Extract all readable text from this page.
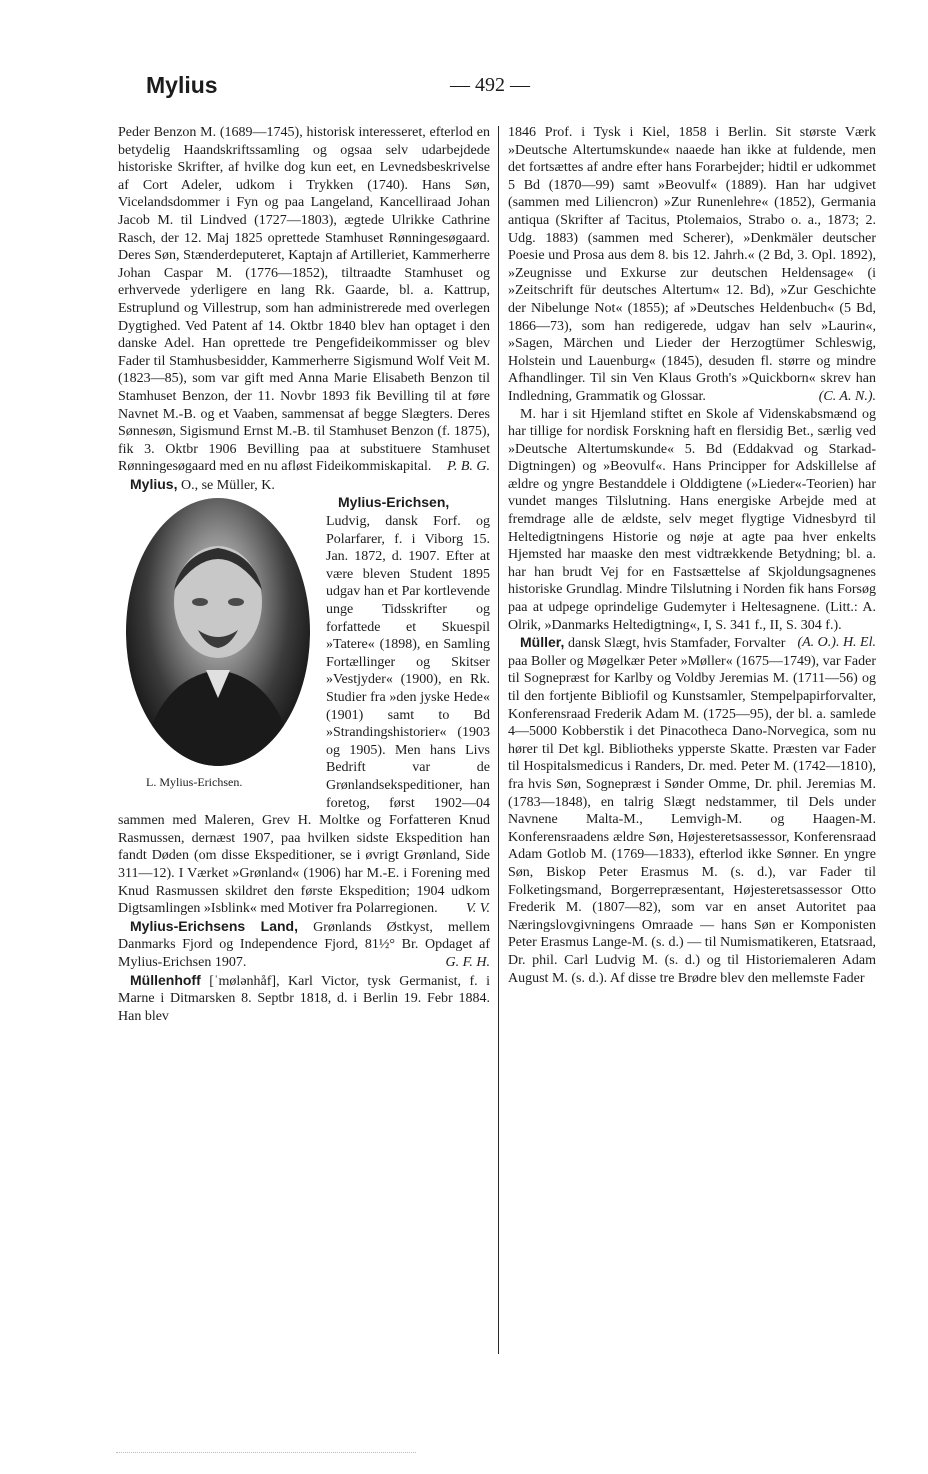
Mylius	— 492 —

Peder Benzon M. (1689—1745), historisk interesseret, efterlod en betydelig Haandskriftssamling og ogsaa selv udarbejdede historiske Skrifter, af hvilke dog kun eet, en Levnedsbeskrivelse af Cort Adeler, udkom i Trykken (1740). Hans Søn, Vicelandsdommer i Fyn og paa Langeland, Kancelliraad Johan Jacob M. til Lindved (1727—1803), ægtede Ulrikke Cathrine Rasch, der 12. Maj 1825 oprettede Stamhuset Rønningesøgaard. Deres Søn, Stænderdeputeret, Kaptajn af Artilleriet, Kammerherre Johan Caspar M. (1776—1852), tiltraadte Stamhuset og erhvervede yderligere en lang Rk. Gaarde, bl. a. Kattrup, Estruplund og Villestrup, som han administrerede med overlegen Dygtighed. Ved Patent af 14. Oktbr 1840 blev han optaget i den danske Adel. Han oprettede tre Pengefideikommisser og blev Fader til Stamhusbesidder, Kammerherre Sigismund Wolf Veit M. (1823—85), som var gift med Anna Marie Elisabeth Benzon til Stamhuset Benzon, der 11. Novbr 1893 fik Bevilling til at føre Navnet M.-B. og et Vaaben, sammensat af begge Slægters. Deres Sønnesøn, Sigismund Ernst M.-B. til Stamhuset Benzon (f. 1875), fik 3. Oktbr 1906 Bevilling paa at substituere Stamhuset Rønningesøgaard med en nu afløst Fideikommiskapital. P. B. G.

Mylius, O., se Müller, K.

Mylius-Erichsen,
L. Mylius-Erichsen.
Ludvig, dansk Forf. og Polarfarer, f. i Viborg 15. Jan. 1872, d. 1907. Efter at være bleven Student 1895 udgav han et Par kortlevende unge Tidsskrifter og forfattede et Skuespil »Tatere« (1898), en Samling Fortællinger og Skitser »Vestjyder« (1900), en Rk. Studier fra »den jyske Hede« (1901) samt to Bd »Strandingshistorier« (1903 og 1905). Men hans Livs Bedrift var de Grønlandsekspeditioner, han foretog, først 1902—04 sammen med Maleren, Grev H. Moltke og Forfatteren Knud Rasmussen, dernæst 1907, paa hvilken sidste Ekspedition han fandt Døden (om disse Ekspeditioner, se i øvrigt Grønland, Side 311—12). I Værket »Grønland« (1906) har M.-E. i Forening med Knud Rasmussen skildret den første Ekspedition; 1904 udkom Digtsamlingen »Isblink« med Motiver fra Polarregionen.	V. V.

Mylius-Erichsens Land, Grønlands Østkyst, mellem Danmarks Fjord og Independence Fjord, 81½° Br. Opdaget af Mylius-Erichsen 1907.	G. F. H.

Müllenhoff [ˈmølənhåf], Karl Victor, tysk Germanist, f. i Marne i Ditmarsken 8. Septbr 1818, d. i Berlin 19. Febr 1884. Han blev

1846 Prof. i Tysk i Kiel, 1858 i Berlin. Sit største Værk »Deutsche Altertumskunde« naaede han ikke at fuldende, men det fortsættes af andre efter hans Forarbejder; hidtil er udkommet 5 Bd (1870—99) samt »Beovulf« (1889). Han har udgivet (sammen med Liliencron) »Zur Runenlehre« (1852), Germania antiqua (Skrifter af Tacitus, Ptolemaios, Strabo o. a., 1873; 2. Udg. 1883) (sammen med Scherer), »Denkmäler deutscher Poesie und Prosa aus dem 8. bis 12. Jahrh.« (2 Bd, 3. Opl. 1892), »Zeugnisse und Exkurse zur deutschen Heldensage« (i »Zeitschrift für deutsches Altertum« 12. Bd), »Zur Geschichte der Nibelunge Not« (1855); af »Deutsches Heldenbuch« (5 Bd, 1866—73), som han redigerede, udgav han selv »Laurin«, »Sagen, Märchen und Lieder der Herzogtümer Schleswig, Holstein und Lauenburg« (1845), desuden fl. større og mindre Afhandlinger. Til sin Ven Klaus Groth's »Quickborn« skrev han Indledning, Grammatik og Glossar.	(C. A. N.).

M. har i sit Hjemland stiftet en Skole af Videnskabsmænd og har tillige for nordisk Forskning haft en flersidig Bet., særlig ved »Deutsche Altertumskunde« 5. Bd (Eddakvad og Starkad-Digtningen) og »Beovulf«. Hans Principper for Adskillelse af ældre og yngre Bestanddele i Olddigtene (»Lieder«-Teorien) har vundet manges Tilslutning. Hans energiske Arbejde med at fremdrage alle de ældste, selv meget flygtige Vidnesbyrd til Heltedigtningens Historie og nøje at agte paa hver enkelts Hjemsted har maaske den mest vidtrækkende Betydning; bl. a. har han brudt Vej for en Fastsættelse af Skjoldungsagnenes historiske Grundlag. Mindre Tilslutning i Norden fik hans Forsøg paa at udpege oprindelige Gudemyter i Heltesagnene. (Litt.: A. Olrik, »Danmarks Heltedigtning«, I, S. 341 f., II, S. 304 f.).
(A. O.). H. El.

Müller, dansk Slægt, hvis Stamfader, Forvalter paa Boller og Møgelkær Peter »Møller« (1675—1749), var Fader til Sognepræst for Karlby og Voldby Jeremias M. (1711—56) og til den fortjente Bibliofil og Kunstsamler, Stempelpapirforvalter, Konferensraad Frederik Adam M. (1725—95), der bl. a. samlede 4—5000 Kobberstik i det Pinacotheca Dano-Norvegica, som nu hører til Det kgl. Bibliotheks ypperste Skatte. Præsten var Fader til Hospitalsmedicus i Randers, Dr. med. Peter M. (1742—1810), fra hvis Søn, Sognepræst i Sønder Omme, Dr. phil. Jeremias M. (1783—1848), en talrig Slægt nedstammer, til Dels under Navnene Malta-M., Lemvigh-M. og Haagen-M. Konferensraadens ældre Søn, Højesteretsassessor, Konferensraad Adam Gotlob M. (1769—1833), efterlod ikke Sønner. En yngre Søn, Biskop Peter Erasmus M. (s. d.), var Fader til Folketingsmand, Borgerrepræsentant, Højesteretsassessor Otto Frederik M. (1807—82), som var en anset Autoritet paa Næringslovgivningens Omraade — hans Søn er Komponisten Peter Erasmus Lange-M. (s. d.) — til Numismatikeren, Etatsraad, Dr. phil. Carl Ludvig M. (s. d.) og til Historiemaleren Adam August M. (s. d.). Af disse tre Brødre blev den mellemste Fader
